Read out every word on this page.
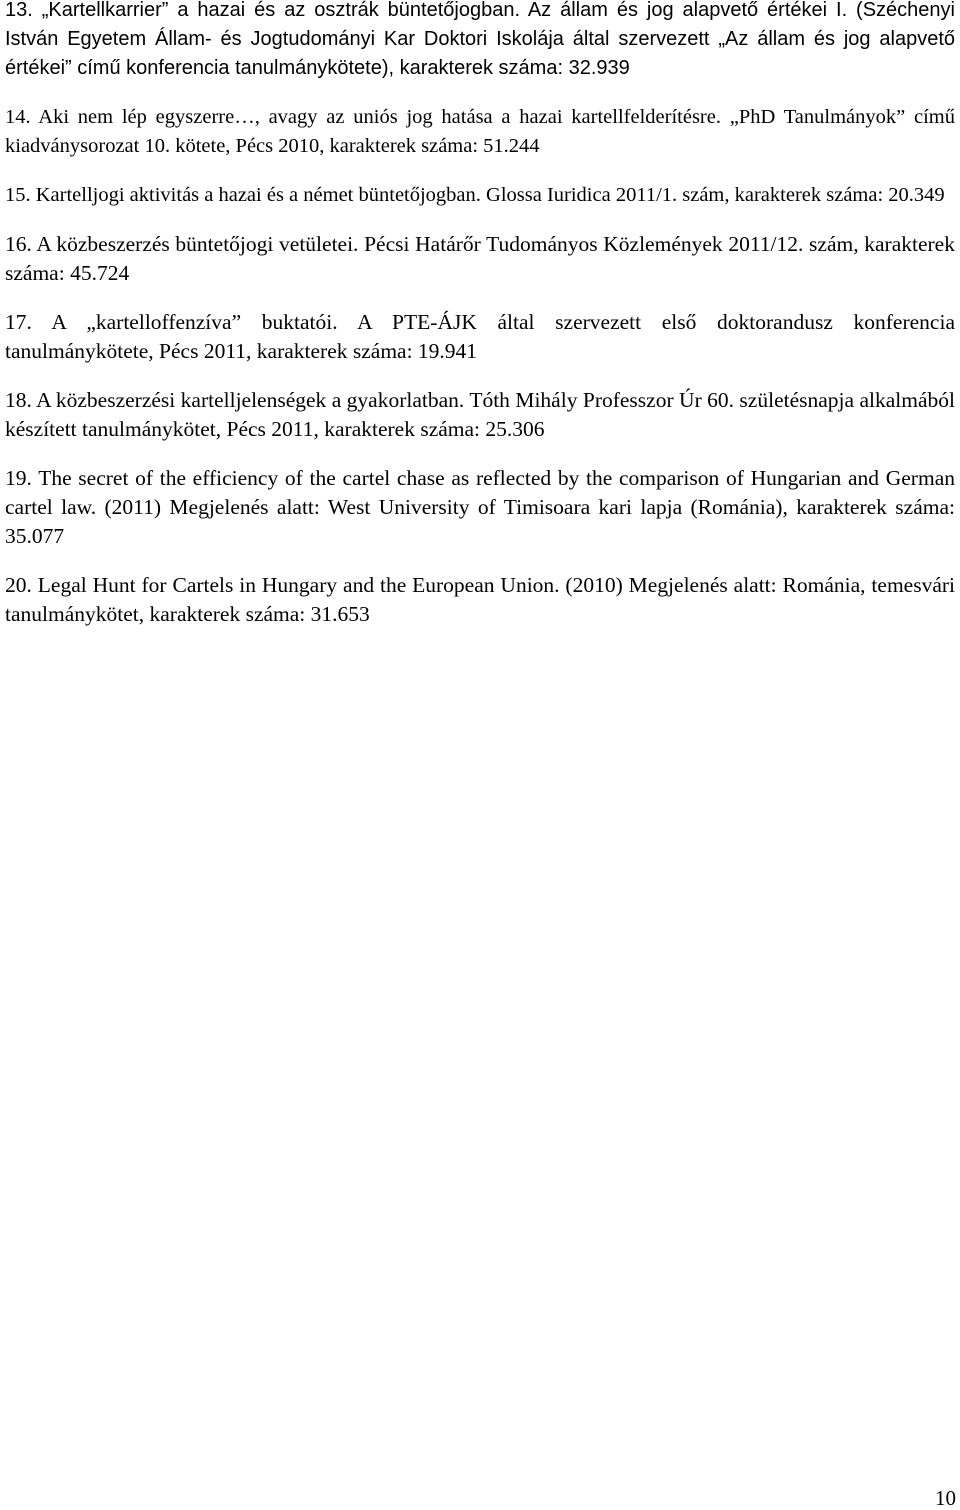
13. „Kartellkarrier” a hazai és az osztrák büntetőjogban. Az állam és jog alapvető értékei I. (Széchenyi István Egyetem Állam- és Jogtudományi Kar Doktori Iskolája által szervezett „Az állam és jog alapvető értékei” című konferencia tanulmánykötete), karakterek száma: 32.939

14. Aki nem lép egyszerre…, avagy az uniós jog hatása a hazai kartellfelderítésre. „PhD Tanulmányok” című kiadványsorozat 10. kötete, Pécs 2010, karakterek száma: 51.244

15. Kartelljogi aktivitás a hazai és a német büntetőjogban. Glossa Iuridica 2011/1. szám, karakterek száma: 20.349

16. A közbeszerzés büntetőjogi vetületei. Pécsi Határőr Tudományos Közlemények 2011/12. szám, karakterek száma: 45.724

17. A „kartelloffenzíva” buktatói. A PTE-ÁJK által szervezett első doktorandusz konferencia tanulmánykötete, Pécs 2011, karakterek száma: 19.941

18. A közbeszerzési kartelljelenségek a gyakorlatban. Tóth Mihály Professzor Úr 60. születésnapja alkalmából készített tanulmánykötet, Pécs 2011, karakterek száma: 25.306

19. The secret of the efficiency of the cartel chase as reflected by the comparison of Hungarian and German cartel law. (2011) Megjelenés alatt: West University of Timisoara kari lapja (Románia), karakterek száma: 35.077

20. Legal Hunt for Cartels in Hungary and the European Union. (2010) Megjelenés alatt: Románia, temesvári tanulmánykötet, karakterek száma: 31.653

10
